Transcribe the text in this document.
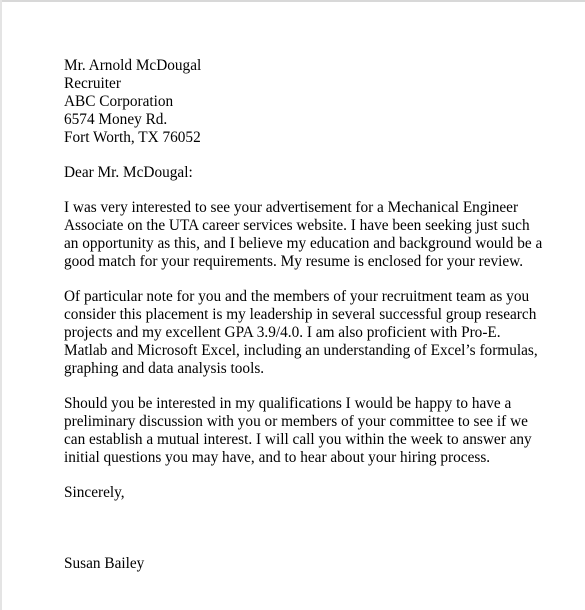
Mr. Arnold McDougal
Recruiter
ABC Corporation
6574 Money Rd.
Fort Worth, TX 76052
Dear Mr. McDougal:
I was very interested to see your advertisement for a Mechanical Engineer
Associate on the UTA career services website. I have been seeking just such
an opportunity as this, and I believe my education and background would be a
good match for your requirements. My resume is enclosed for your review.
Of particular note for you and the members of your recruitment team as you
consider this placement is my leadership in several successful group research
projects and my excellent GPA 3.9/4.0. I am also proficient with Pro-E.
Matlab and Microsoft Excel, including an understanding of Excel’s formulas,
graphing and data analysis tools.
Should you be interested in my qualifications I would be happy to have a
preliminary discussion with you or members of your committee to see if we
can establish a mutual interest. I will call you within the week to answer any
initial questions you may have, and to hear about your hiring process.
Sincerely,
Susan Bailey
